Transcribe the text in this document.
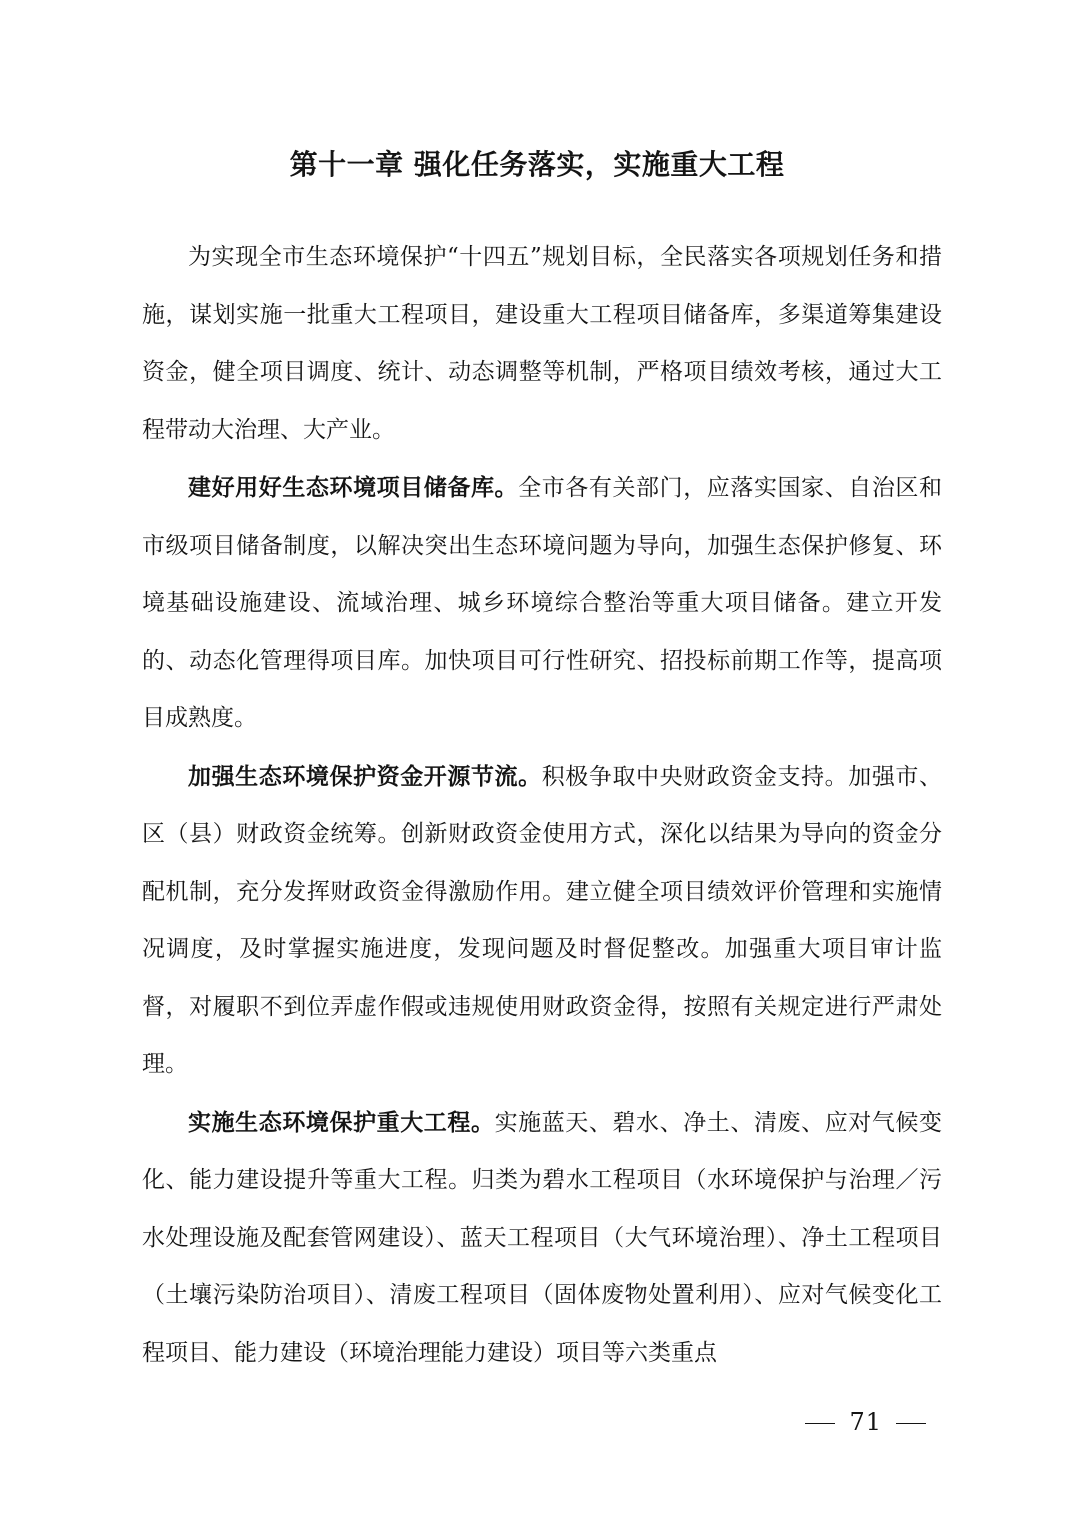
第十一章 强化任务落实，实施重大工程

为实现全市生态环境保护“十四五”规划目标，全民落实各项规划任务和措施，谋划实施一批重大工程项目，建设重大工程项目储备库，多渠道筹集建设资金，健全项目调度、统计、动态调整等机制，严格项目绩效考核，通过大工程带动大治理、大产业。

建好用好生态环境项目储备库。全市各有关部门，应落实国家、自治区和市级项目储备制度，以解决突出生态环境问题为导向，加强生态保护修复、环境基础设施建设、流域治理、城乡环境综合整治等重大项目储备。建立开发的、动态化管理得项目库。加快项目可行性研究、招投标前期工作等，提高项目成熟度。

加强生态环境保护资金开源节流。积极争取中央财政资金支持。加强市、区（县）财政资金统筹。创新财政资金使用方式，深化以结果为导向的资金分配机制，充分发挥财政资金得激励作用。建立健全项目绩效评价管理和实施情况调度，及时掌握实施进度，发现问题及时督促整改。加强重大项目审计监督，对履职不到位弄虚作假或违规使用财政资金得，按照有关规定进行严肃处理。

实施生态环境保护重大工程。实施蓝天、碧水、净土、清废、应对气候变化、能力建设提升等重大工程。归类为碧水工程项目（水环境保护与治理／污水处理设施及配套管网建设）、蓝天工程项目（大气环境治理）、净土工程项目（土壤污染防治项目）、清废工程项目（固体废物处置利用）、应对气候变化工程项目、能力建设（环境治理能力建设）项目等六类重点

71
